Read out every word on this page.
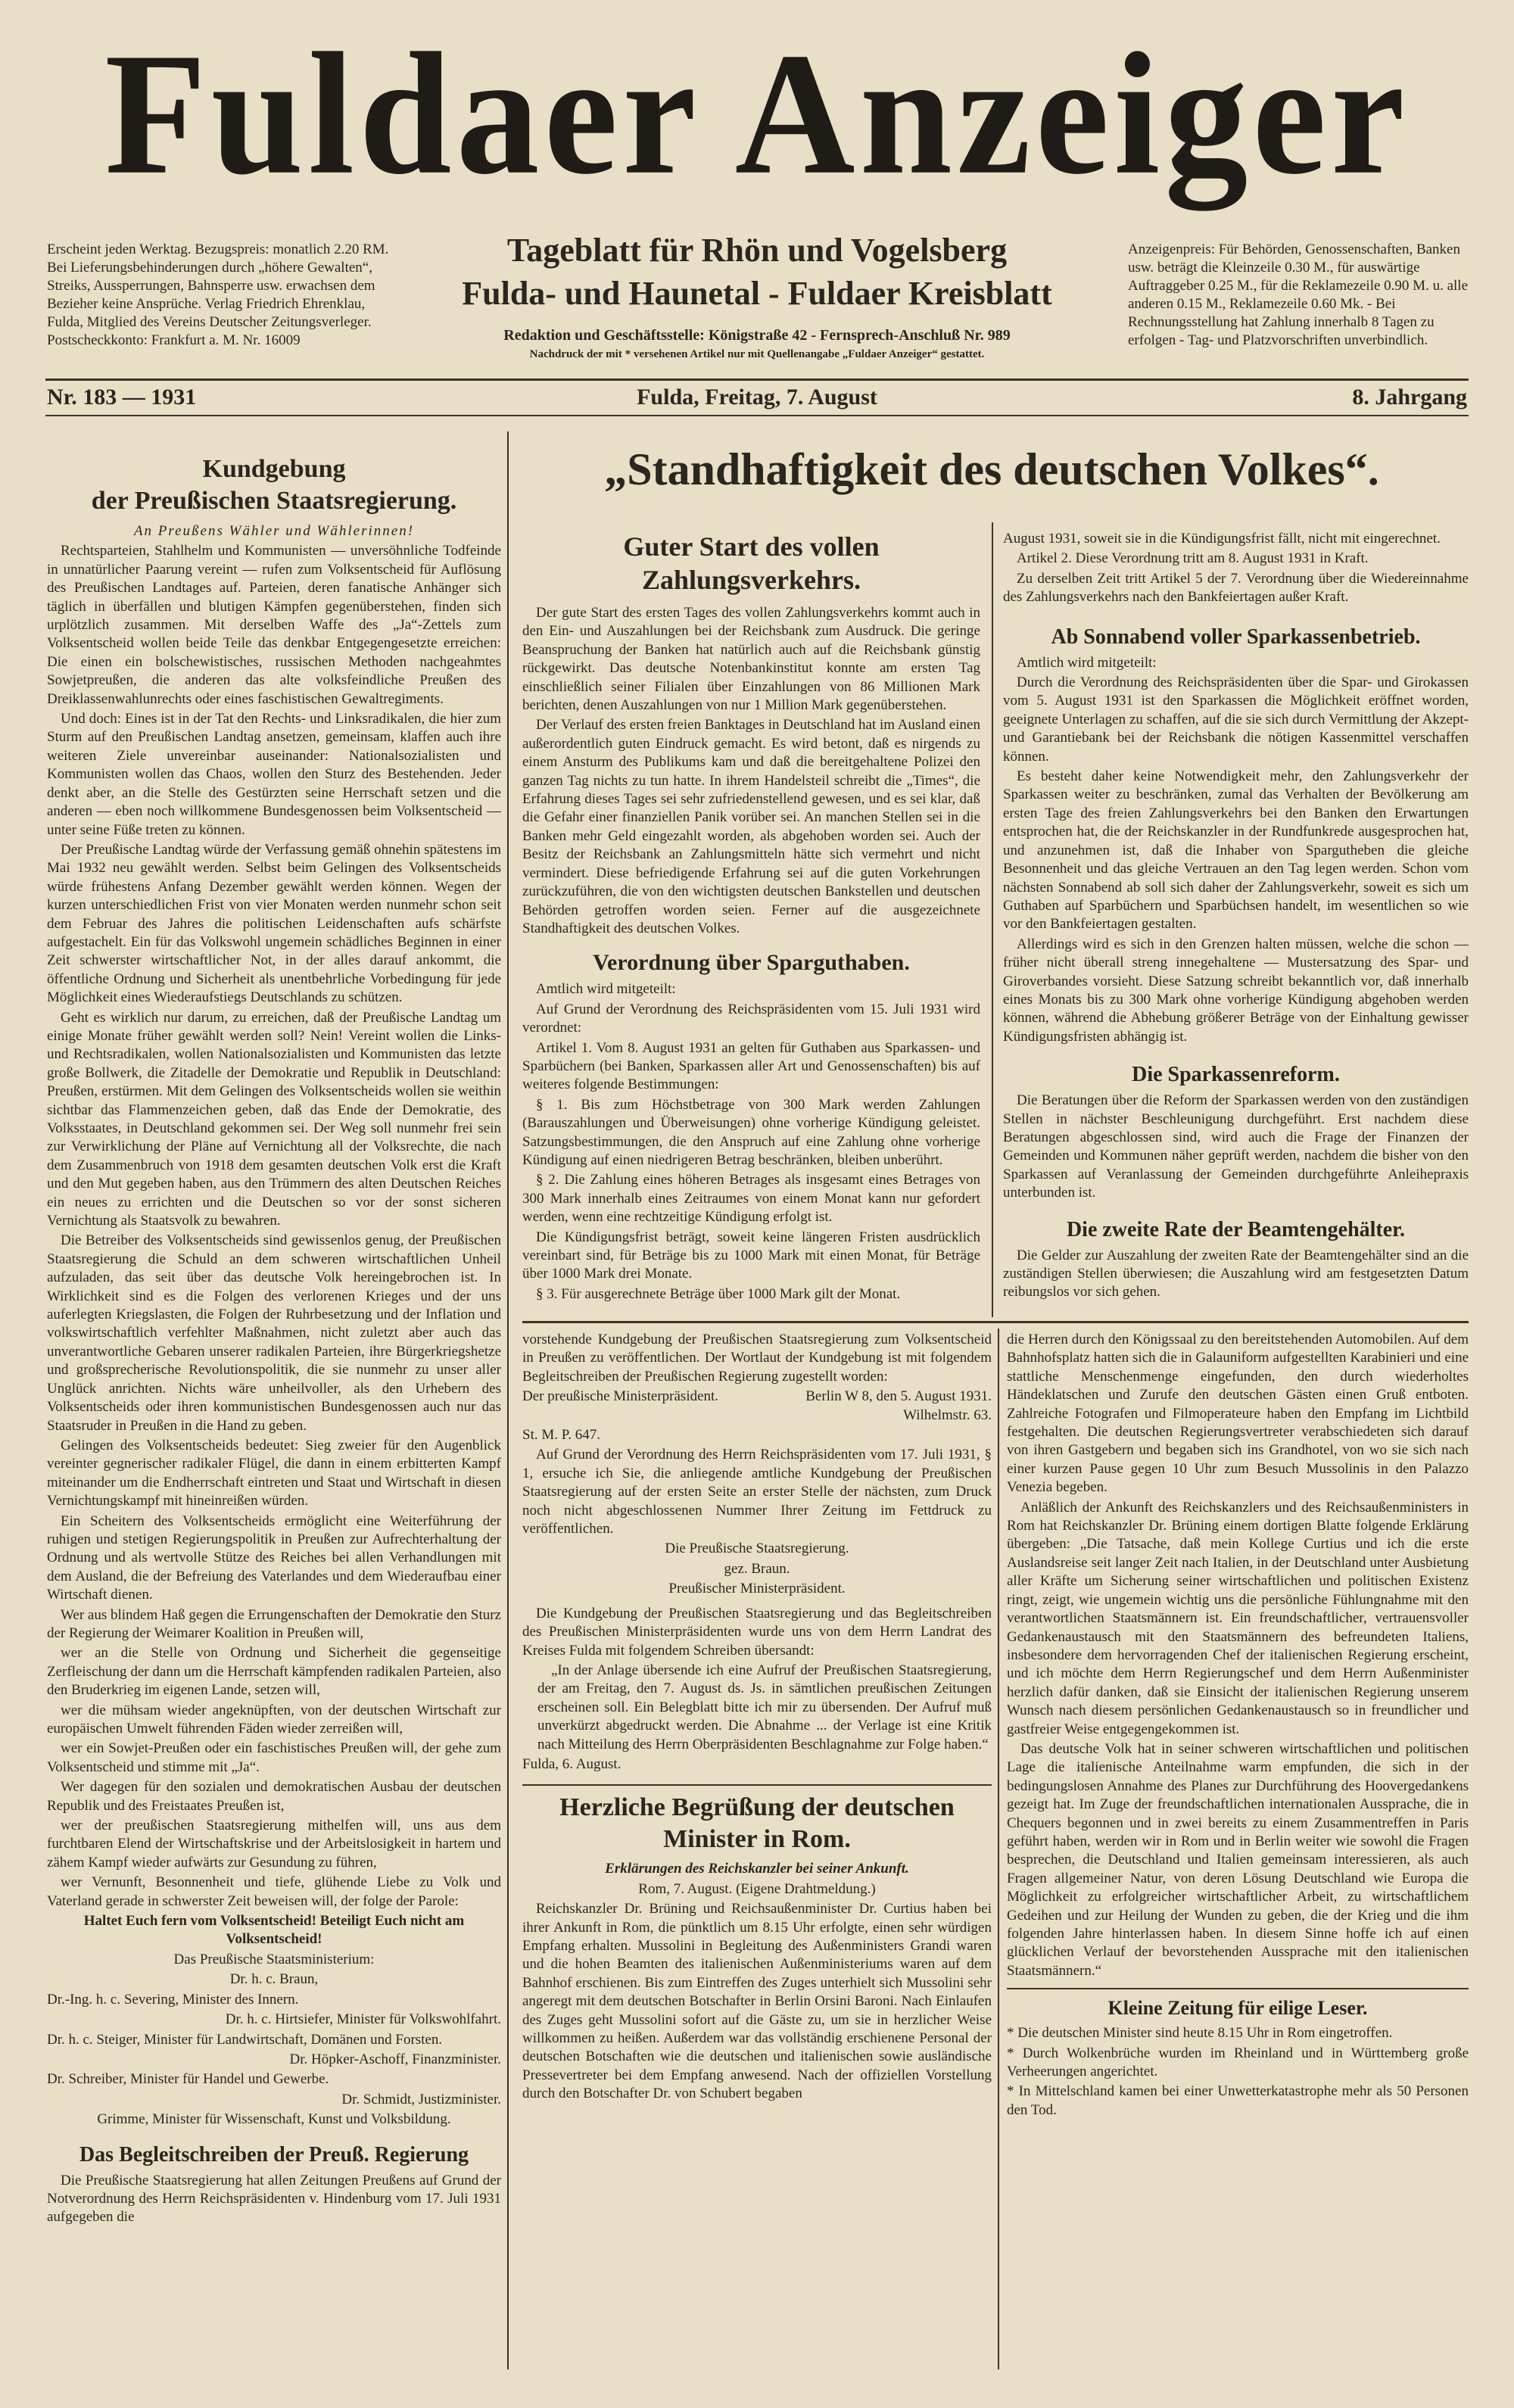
Fuldaer Anzeiger
Erscheint jeden Werktag. Bezugspreis: monatlich 2.20 RM. Bei Lieferungsbehinderungen durch „höhere Gewalten“, Streiks, Aussperrungen, Bahnsperre usw. erwachsen dem Bezieher keine Ansprüche. Verlag Friedrich Ehrenklau, Fulda, Mitglied des Vereins Deutscher Zeitungsverleger. Postscheckkonto: Frankfurt a. M. Nr. 16009
Tageblatt für Rhön und Vogelsberg
Fulda- und Haunetal - Fuldaer Kreisblatt
Redaktion und Geschäftsstelle: Königstraße 42 - Fernsprech-Anschluß Nr. 989
Nachdruck der mit * versehenen Artikel nur mit Quellenangabe „Fuldaer Anzeiger“ gestattet.
Anzeigenpreis: Für Behörden, Genossenschaften, Banken usw. beträgt die Kleinzeile 0.30 M., für auswärtige Auftraggeber 0.25 M., für die Reklamezeile 0.90 M. u. alle anderen 0.15 M., Reklamezeile 0.60 Mk. - Bei Rechnungsstellung hat Zahlung innerhalb 8 Tagen zu erfolgen - Tag- und Platzvorschriften unverbindlich.
Nr. 183 — 1931	Fulda, Freitag, 7. August	8. Jahrgang
„Standhaftigkeit des deutschen Volkes“.
Kundgebung
der Preußischen Staatsregierung.

An Preußens Wähler und Wählerinnen!

Rechtsparteien, Stahlhelm und Kommunisten — unversöhnliche Todfeinde in unnatürlicher Paarung vereint — rufen zum Volksentscheid für Auflösung des Preußischen Landtages auf. Parteien, deren fanatische Anhänger sich täglich in überfällen und blutigen Kämpfen gegenüberstehen, finden sich urplötzlich zusammen. Mit derselben Waffe des „Ja“-Zettels zum Volksentscheid wollen beide Teile das denkbar Entgegengesetzte erreichen: Die einen ein bolschewistisches, russischen Methoden nachgeahmtes Sowjetpreußen, die anderen das alte volksfeindliche Preußen des Dreiklassenwahlunrechts oder eines faschistischen Gewaltregiments.

Und doch: Eines ist in der Tat den Rechts- und Linksradikalen, die hier zum Sturm auf den Preußischen Landtag ansetzen, gemeinsam, klaffen auch ihre weiteren Ziele unvereinbar auseinander: Nationalsozialisten und Kommunisten wollen das Chaos, wollen den Sturz des Bestehenden. Jeder denkt aber, an die Stelle des Gestürzten seine Herrschaft setzen und die anderen — eben noch willkommene Bundesgenossen beim Volksentscheid — unter seine Füße treten zu können.

Der Preußische Landtag würde der Verfassung gemäß ohnehin spätestens im Mai 1932 neu gewählt werden. Selbst beim Gelingen des Volksentscheids würde frühestens Anfang Dezember gewählt werden können. Wegen der kurzen unterschiedlichen Frist von vier Monaten werden nunmehr schon seit dem Februar des Jahres die politischen Leidenschaften aufs schärfste aufgestachelt. Ein für das Volkswohl ungemein schädliches Beginnen in einer Zeit schwerster wirtschaftlicher Not, in der alles darauf ankommt, die öffentliche Ordnung und Sicherheit als unentbehrliche Vorbedingung für jede Möglichkeit eines Wiederaufstiegs Deutschlands zu schützen.

Geht es wirklich nur darum, zu erreichen, daß der Preußische Landtag um einige Monate früher gewählt werden soll? Nein! Vereint wollen die Links- und Rechtsradikalen, wollen Nationalsozialisten und Kommunisten das letzte große Bollwerk, die Zitadelle der Demokratie und Republik in Deutschland: Preußen, erstürmen. Mit dem Gelingen des Volksentscheids wollen sie weithin sichtbar das Flammenzeichen geben, daß das Ende der Demokratie, des Volksstaates, in Deutschland gekommen sei. Der Weg soll nunmehr frei sein zur Verwirklichung der Pläne auf Vernichtung all der Volksrechte, die nach dem Zusammenbruch von 1918 dem gesamten deutschen Volk erst die Kraft und den Mut gegeben haben, aus den Trümmern des alten Deutschen Reiches ein neues zu errichten und die Deutschen so vor der sonst sicheren Vernichtung als Staatsvolk zu bewahren.

Die Betreiber des Volksentscheids sind gewissenlos genug, der Preußischen Staatsregierung die Schuld an dem schweren wirtschaftlichen Unheil aufzuladen, das seit über das deutsche Volk hereingebrochen ist. In Wirklichkeit sind es die Folgen des verlorenen Krieges und der uns auferlegten Kriegslasten, die Folgen der Ruhrbesetzung und der Inflation und volkswirtschaftlich verfehlter Maßnahmen, nicht zuletzt aber auch das unverantwortliche Gebaren unserer radikalen Parteien, ihre Bürgerkriegshetze und großsprecherische Revolutionspolitik, die sie nunmehr zu unser aller Unglück anrichten. Nichts wäre unheilvoller, als den Urhebern des Volksentscheids oder ihren kommunistischen Bundesgenossen auch nur das Staatsruder in Preußen in die Hand zu geben.

Gelingen des Volksentscheids bedeutet: Sieg zweier für den Augenblick vereinter gegnerischer radikaler Flügel, die dann in einem erbitterten Kampf miteinander um die Endherrschaft eintreten und Staat und Wirtschaft in diesen Vernichtungskampf mit hineinreißen würden.

Ein Scheitern des Volksentscheids ermöglicht eine Weiterführung der ruhigen und stetigen Regierungspolitik in Preußen zur Aufrechterhaltung der Ordnung und als wertvolle Stütze des Reiches bei allen Verhandlungen mit dem Ausland, die der Befreiung des Vaterlandes und dem Wiederaufbau einer Wirtschaft dienen.

Wer aus blindem Haß gegen die Errungenschaften der Demokratie den Sturz der Regierung der Weimarer Koalition in Preußen will,

wer an die Stelle von Ordnung und Sicherheit die gegenseitige Zerfleischung der dann um die Herrschaft kämpfenden radikalen Parteien, also den Bruderkrieg im eigenen Lande, setzen will,

wer die mühsam wieder angeknüpften, von der deutschen Wirtschaft zur europäischen Umwelt führenden Fäden wieder zerreißen will,

wer ein Sowjet-Preußen oder ein faschistisches Preußen will, der gehe zum Volksentscheid und stimme mit „Ja“.

Wer dagegen für den sozialen und demokratischen Ausbau der deutschen Republik und des Freistaates Preußen ist,

wer der preußischen Staatsregierung mithelfen will, uns aus dem furchtbaren Elend der Wirtschaftskrise und der Arbeitslosigkeit in hartem und zähem Kampf wieder aufwärts zur Gesundung zu führen,

wer Vernunft, Besonnenheit und tiefe, glühende Liebe zu Volk und Vaterland gerade in schwerster Zeit beweisen will, der folge der Parole:

Haltet Euch fern vom Volksentscheid! Beteiligt Euch nicht am Volksentscheid!

Das Preußische Staatsministerium:

Dr. h. c. Braun,

Dr.-Ing. h. c. Severing, Minister des Innern.

Dr. h. c. Hirtsiefer, Minister für Volkswohlfahrt.

Dr. h. c. Steiger, Minister für Landwirtschaft, Domänen und Forsten.

Dr. Höpker-Aschoff, Finanzminister.

Dr. Schreiber, Minister für Handel und Gewerbe.

Dr. Schmidt, Justizminister.

Grimme, Minister für Wissenschaft, Kunst und Volksbildung.

Das Begleitschreiben der Preuß. Regierung

Die Preußische Staatsregierung hat allen Zeitungen Preußens auf Grund der Notverordnung des Herrn Reichspräsidenten v. Hindenburg vom 17. Juli 1931 aufgegeben die

Guter Start des vollen Zahlungsverkehrs.

Der gute Start des ersten Tages des vollen Zahlungsverkehrs kommt auch in den Ein- und Auszahlungen bei der Reichsbank zum Ausdruck. Die geringe Beanspruchung der Banken hat natürlich auch auf die Reichsbank günstig rückgewirkt. Das deutsche Notenbankinstitut konnte am ersten Tag einschließlich seiner Filialen über Einzahlungen von 86 Millionen Mark berichten, denen Auszahlungen von nur 1 Million Mark gegenüberstehen.

Der Verlauf des ersten freien Banktages in Deutschland hat im Ausland einen außerordentlich guten Eindruck gemacht. Es wird betont, daß es nirgends zu einem Ansturm des Publikums kam und daß die bereitgehaltene Polizei den ganzen Tag nichts zu tun hatte. In ihrem Handelsteil schreibt die „Times“, die Erfahrung dieses Tages sei sehr zufriedenstellend gewesen, und es sei klar, daß die Gefahr einer finanziellen Panik vorüber sei. An manchen Stellen sei in die Banken mehr Geld eingezahlt worden, als abgehoben worden sei. Auch der Besitz der Reichsbank an Zahlungsmitteln hätte sich vermehrt und nicht vermindert. Diese befriedigende Erfahrung sei auf die guten Vorkehrungen zurückzuführen, die von den wichtigsten deutschen Bankstellen und deutschen Behörden getroffen worden seien. Ferner auf die ausgezeichnete Standhaftigkeit des deutschen Volkes.

Verordnung über Sparguthaben.

Amtlich wird mitgeteilt:

Auf Grund der Verordnung des Reichspräsidenten vom 15. Juli 1931 wird verordnet:

Artikel 1. Vom 8. August 1931 an gelten für Guthaben aus Sparkassen- und Sparbüchern (bei Banken, Sparkassen aller Art und Genossenschaften) bis auf weiteres folgende Bestimmungen:

§ 1. Bis zum Höchstbetrage von 300 Mark werden Zahlungen (Barauszahlungen und Überweisungen) ohne vorherige Kündigung geleistet. Satzungsbestimmungen, die den Anspruch auf eine Zahlung ohne vorherige Kündigung auf einen niedrigeren Betrag beschränken, bleiben unberührt.

§ 2. Die Zahlung eines höheren Betrages als insgesamt eines Betrages von 300 Mark innerhalb eines Zeitraumes von einem Monat kann nur gefordert werden, wenn eine rechtzeitige Kündigung erfolgt ist.

Die Kündigungsfrist beträgt, soweit keine längeren Fristen ausdrücklich vereinbart sind, für Beträge bis zu 1000 Mark mit einen Monat, für Beträge über 1000 Mark drei Monate.

§ 3. Für ausgerechnete Beträge über 1000 Mark gilt der Monat.

August 1931, soweit sie in die Kündigungsfrist fällt, nicht mit eingerechnet.

Artikel 2. Diese Verordnung tritt am 8. August 1931 in Kraft.

Zu derselben Zeit tritt Artikel 5 der 7. Verordnung über die Wiedereinnahme des Zahlungsverkehrs nach den Bankfeiertagen außer Kraft.

Ab Sonnabend voller Sparkassenbetrieb.

Amtlich wird mitgeteilt:

Durch die Verordnung des Reichspräsidenten über die Spar- und Girokassen vom 5. August 1931 ist den Sparkassen die Möglichkeit eröffnet worden, geeignete Unterlagen zu schaffen, auf die sie sich durch Vermittlung der Akzept- und Garantiebank bei der Reichsbank die nötigen Kassenmittel verschaffen können.

Es besteht daher keine Notwendigkeit mehr, den Zahlungsverkehr der Sparkassen weiter zu beschränken, zumal das Verhalten der Bevölkerung am ersten Tage des freien Zahlungsverkehrs bei den Banken den Erwartungen entsprochen hat, die der Reichskanzler in der Rundfunkrede ausgesprochen hat, und anzunehmen ist, daß die Inhaber von Spargutheben die gleiche Besonnenheit und das gleiche Vertrauen an den Tag legen werden. Schon vom nächsten Sonnabend ab soll sich daher der Zahlungsverkehr, soweit es sich um Guthaben auf Sparbüchern und Sparbüchsen handelt, im wesentlichen so wie vor den Bankfeiertagen gestalten.

Allerdings wird es sich in den Grenzen halten müssen, welche die schon — früher nicht überall streng innegehaltene — Mustersatzung des Spar- und Giroverbandes vorsieht. Diese Satzung schreibt bekanntlich vor, daß innerhalb eines Monats bis zu 300 Mark ohne vorherige Kündigung abgehoben werden können, während die Abhebung größerer Beträge von der Einhaltung gewisser Kündigungsfristen abhängig ist.

Die Sparkassenreform.

Die Beratungen über die Reform der Sparkassen werden von den zuständigen Stellen in nächster Beschleunigung durchgeführt. Erst nachdem diese Beratungen abgeschlossen sind, wird auch die Frage der Finanzen der Gemeinden und Kommunen näher geprüft werden, nachdem die bisher von den Sparkassen auf Veranlassung der Gemeinden durchgeführte Anleihepraxis unterbunden ist.

Die zweite Rate der Beamtengehälter.

Die Gelder zur Auszahlung der zweiten Rate der Beamtengehälter sind an die zuständigen Stellen überwiesen; die Auszahlung wird am festgesetzten Datum reibungslos vor sich gehen.

vorstehende Kundgebung der Preußischen Staatsregierung zum Volksentscheid in Preußen zu veröffentlichen. Der Wortlaut der Kundgebung ist mit folgendem Begleitschreiben der Preußischen Regierung zugestellt worden:

Der preußische Ministerpräsident.	Berlin W 8, den 5. August 1931. Wilhelmstr. 63.

St. M. P. 647.

Auf Grund der Verordnung des Herrn Reichspräsidenten vom 17. Juli 1931, § 1, ersuche ich Sie, die anliegende amtliche Kundgebung der Preußischen Staatsregierung auf der ersten Seite an erster Stelle der nächsten, zum Druck noch nicht abgeschlossenen Nummer Ihrer Zeitung im Fettdruck zu veröffentlichen.

Die Preußische Staatsregierung.

gez. Braun.

Preußischer Ministerpräsident.

Die Kundgebung der Preußischen Staatsregierung und das Begleitschreiben des Preußischen Ministerpräsidenten wurde uns von dem Herrn Landrat des Kreises Fulda mit folgendem Schreiben übersandt:

„In der Anlage übersende ich eine Aufruf der Preußischen Staatsregierung, der am Freitag, den 7. August ds. Js. in sämtlichen preußischen Zeitungen erscheinen soll. Ein Belegblatt bitte ich mir zu übersenden. Der Aufruf muß unverkürzt abgedruckt werden. Die Abnahme ... der Verlage ist eine Kritik nach Mitteilung des Herrn Oberpräsidenten Beschlagnahme zur Folge haben.“

Fulda, 6. August.

Herzliche Begrüßung der deutschen Minister in Rom.

Erklärungen des Reichskanzler bei seiner Ankunft.

Rom, 7. August. (Eigene Drahtmeldung.)

Reichskanzler Dr. Brüning und Reichsaußenminister Dr. Curtius haben bei ihrer Ankunft in Rom, die pünktlich um 8.15 Uhr erfolgte, einen sehr würdigen Empfang erhalten. Mussolini in Begleitung des Außenministers Grandi waren und die hohen Beamten des italienischen Außenministeriums waren auf dem Bahnhof erschienen. Bis zum Eintreffen des Zuges unterhielt sich Mussolini sehr angeregt mit dem deutschen Botschafter in Berlin Orsini Baroni. Nach Einlaufen des Zuges geht Mussolini sofort auf die Gäste zu, um sie in herzlicher Weise willkommen zu heißen. Außerdem war das vollständig erschienene Personal der deutschen Botschaften wie die deutschen und italienischen sowie ausländische Pressevertreter bei dem Empfang anwesend. Nach der offiziellen Vorstellung durch den Botschafter Dr. von Schubert begaben

die Herren durch den Königssaal zu den bereitstehenden Automobilen. Auf dem Bahnhofsplatz hatten sich die in Galauniform aufgestellten Karabinieri und eine stattliche Menschenmenge eingefunden, den durch wiederholtes Händeklatschen und Zurufe den deutschen Gästen einen Gruß entboten. Zahlreiche Fotografen und Filmoperateure haben den Empfang im Lichtbild festgehalten. Die deutschen Regierungsvertreter verabschiedeten sich darauf von ihren Gastgebern und begaben sich ins Grandhotel, von wo sie sich nach einer kurzen Pause gegen 10 Uhr zum Besuch Mussolinis in den Palazzo Venezia begeben.

Anläßlich der Ankunft des Reichskanzlers und des Reichsaußenministers in Rom hat Reichskanzler Dr. Brüning einem dortigen Blatte folgende Erklärung übergeben: „Die Tatsache, daß mein Kollege Curtius und ich die erste Auslandsreise seit langer Zeit nach Italien, in der Deutschland unter Ausbietung aller Kräfte um Sicherung seiner wirtschaftlichen und politischen Existenz ringt, zeigt, wie ungemein wichtig uns die persönliche Fühlungnahme mit den verantwortlichen Staatsmännern ist. Ein freundschaftlicher, vertrauensvoller Gedankenaustausch mit den Staatsmännern des befreundeten Italiens, insbesondere dem hervorragenden Chef der italienischen Regierung erscheint, und ich möchte dem Herrn Regierungschef und dem Herrn Außenminister herzlich dafür danken, daß sie Einsicht der italienischen Regierung unserem Wunsch nach diesem persönlichen Gedankenaustausch so in freundlicher und gastfreier Weise entgegengekommen ist.

Das deutsche Volk hat in seiner schweren wirtschaftlichen und politischen Lage die italienische Anteilnahme warm empfunden, die sich in der bedingungslosen Annahme des Planes zur Durchführung des Hoovergedankens gezeigt hat. Im Zuge der freundschaftlichen internationalen Aussprache, die in Chequers begonnen und in zwei bereits zu einem Zusammentreffen in Paris geführt haben, werden wir in Rom und in Berlin weiter wie sowohl die Fragen besprechen, die Deutschland und Italien gemeinsam interessieren, als auch Fragen allgemeiner Natur, von deren Lösung Deutschland wie Europa die Möglichkeit zu erfolgreicher wirtschaftlicher Arbeit, zu wirtschaftlichem Gedeihen und zur Heilung der Wunden zu geben, die der Krieg und die ihm folgenden Jahre hinterlassen haben. In diesem Sinne hoffe ich auf einen glücklichen Verlauf der bevorstehenden Aussprache mit den italienischen Staatsmännern.“

Kleine Zeitung für eilige Leser.

* Die deutschen Minister sind heute 8.15 Uhr in Rom eingetroffen.

* Durch Wolkenbrüche wurden im Rheinland und in Württemberg große Verheerungen angerichtet.

* In Mittelschland kamen bei einer Unwetterkatastrophe mehr als 50 Personen den Tod.
